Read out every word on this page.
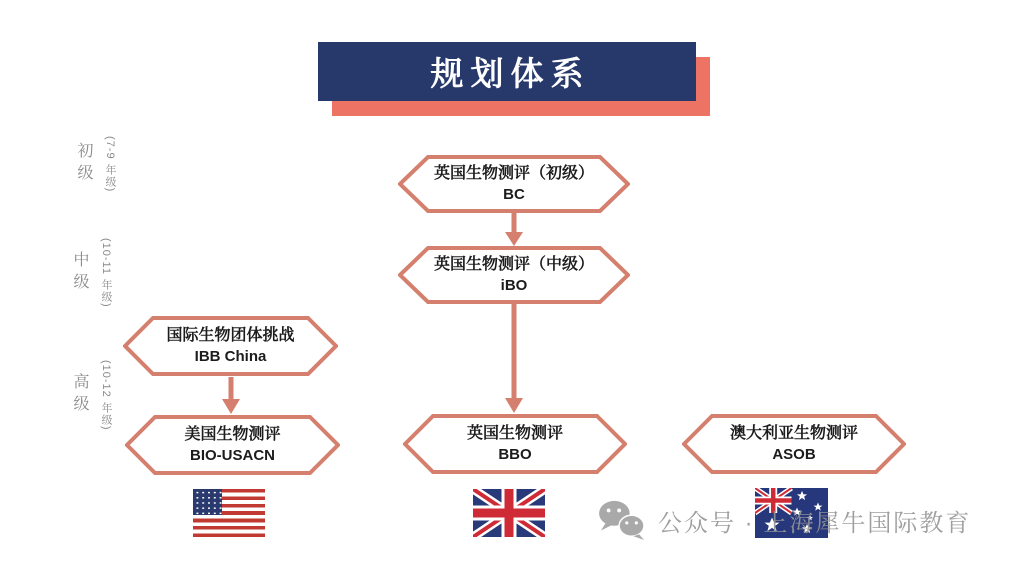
规划体系
初级 (7-9 年级)
中级 (10-11 年级)
高级 (10-12 年级)
英国生物测评（初级）
BC
英国生物测评（中级）
iBO
国际生物团体挑战
IBB China
美国生物测评
BIO-USACN
英国生物测评
BBO
澳大利亚生物测评
ASOB
公众号 · 上海犀牛国际教育
